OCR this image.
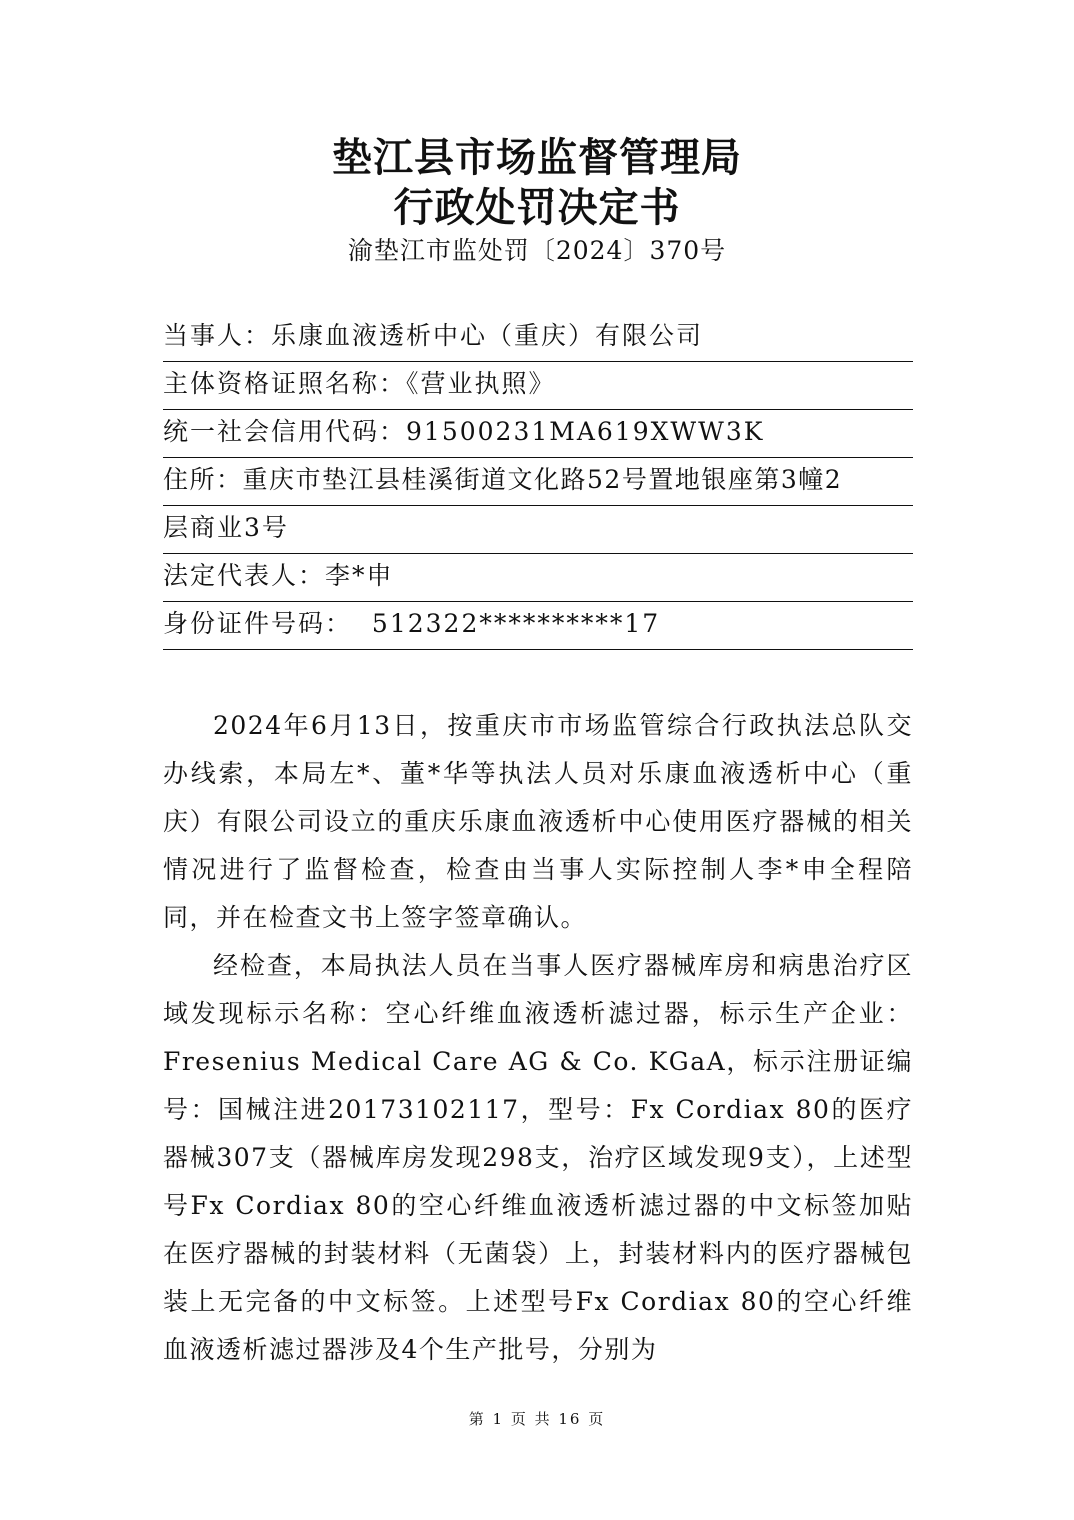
垫江县市场监督管理局
行政处罚决定书
渝垫江市监处罚〔2024〕370号
当事人：乐康血液透析中心（重庆）有限公司
主体资格证照名称：《营业执照》
统一社会信用代码：91500231MA619XWW3K
住所：重庆市垫江县桂溪街道文化路52号置地银座第3幢2
层商业3号
法定代表人：李*申
身份证件号码： 512322**********17

2024年6月13日，按重庆市市场监管综合行政执法总队交办线索，本局左*、董*华等执法人员对乐康血液透析中心（重庆）有限公司设立的重庆乐康血液透析中心使用医疗器械的相关情况进行了监督检查，检查由当事人实际控制人李*申全程陪同，并在检查文书上签字签章确认。

经检查，本局执法人员在当事人医疗器械库房和病患治疗区域发现标示名称：空心纤维血液透析滤过器，标示生产企业：Fresenius Medical Care AG & Co. KGaA，标示注册证编号：国械注进20173102117，型号：Fx Cordiax 80的医疗器械307支（器械库房发现298支，治疗区域发现9支），上述型号Fx Cordiax 80的空心纤维血液透析滤过器的中文标签加贴在医疗器械的封装材料（无菌袋）上，封装材料内的医疗器械包装上无完备的中文标签。上述型号Fx Cordiax 80的空心纤维血液透析滤过器涉及4个生产批号，分别为

第 1 页 共 16 页
